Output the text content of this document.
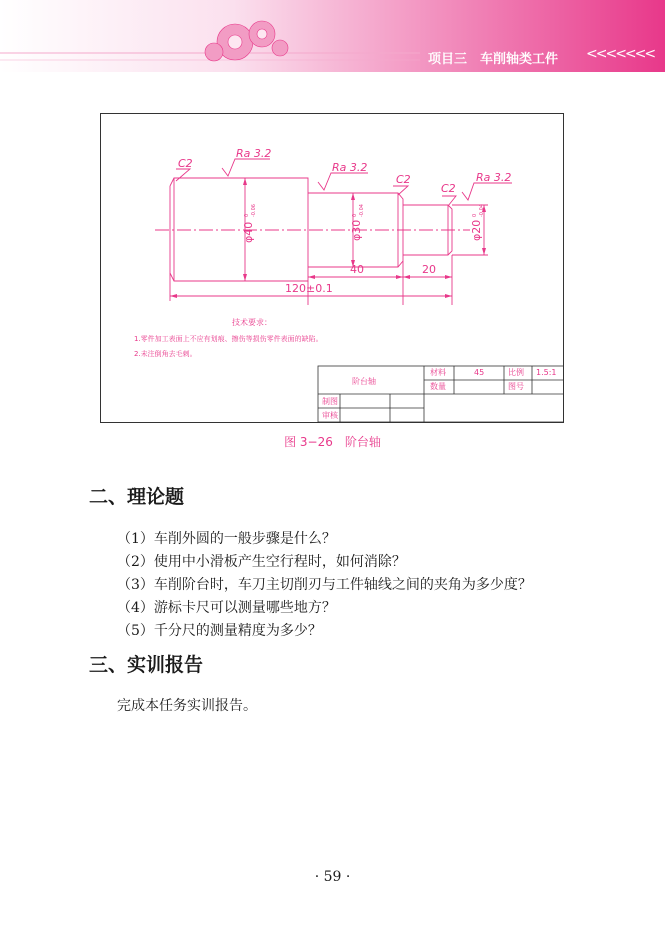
项目三　车削轴类工件 <<<<<<<
C2
C2
C2
Ra 3.2
Ra 3.2
Ra 3.2
φ40
0 -0.06
φ30
0 -0.04
φ20
0 -0.04
40	20
120±0.1
技术要求：
1.零件加工表面上不应有划痕、擦伤等损伤零件表面的缺陷。
2.未注倒角去毛刺。
阶台轴
材料	45	比例 1.5:1
数量	图号
制图
审核
图 3−26　阶台轴
二、理论题
（1）车削外圆的一般步骤是什么？
（2）使用中小滑板产生空行程时，如何消除？
（3）车削阶台时，车刀主切削刃与工件轴线之间的夹角为多少度？
（4）游标卡尺可以测量哪些地方？
（5）千分尺的测量精度为多少？
三、实训报告
完成本任务实训报告。
· 59 ·
